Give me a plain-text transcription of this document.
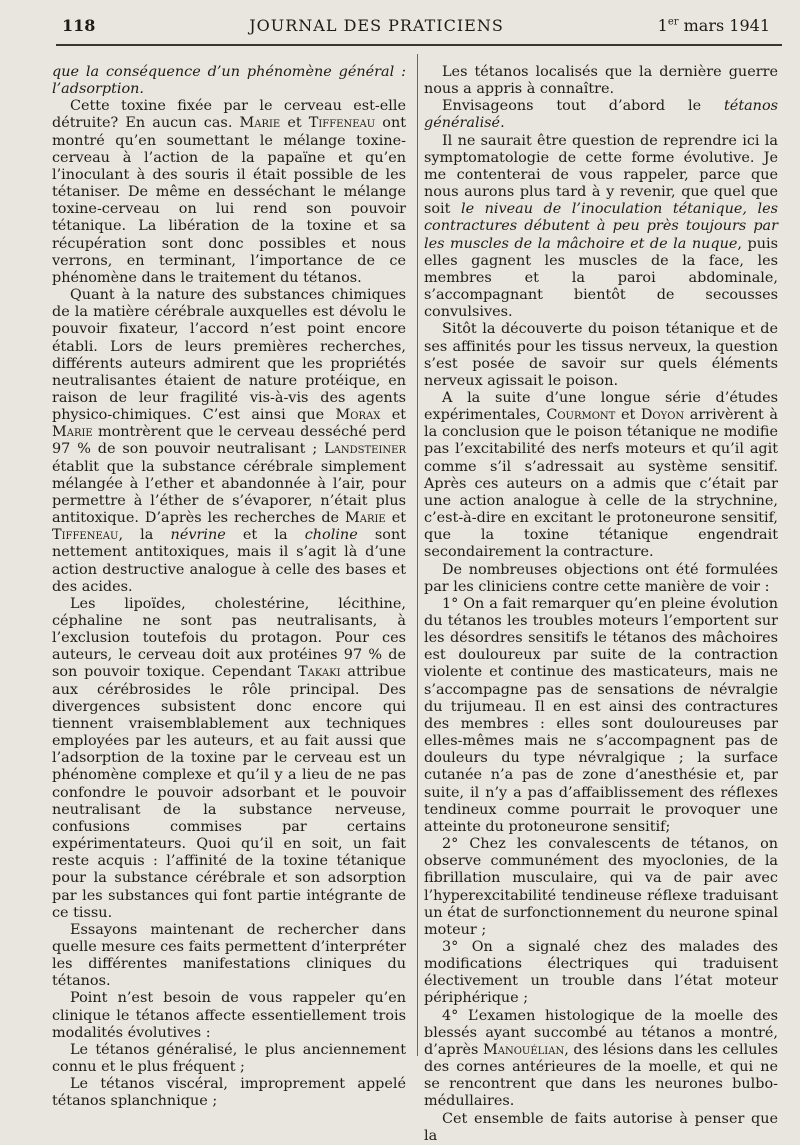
118	JOURNAL DES PRATICIENS	1er mars 1941

que la conséquence d’un phénomène général : l’adsorption.

Cette toxine fixée par le cerveau est-elle détruite? En aucun cas. Marie et Tiffeneau ont montré qu’en soumettant le mélange toxine-cerveau à l’action de la papaïne et qu’en l’inoculant à des souris il était possible de les tétaniser. De même en desséchant le mélange toxine-cerveau on lui rend son pouvoir tétanique. La libération de la toxine et sa récupération sont donc possibles et nous verrons, en terminant, l’importance de ce phénomène dans le traitement du tétanos.

Quant à la nature des substances chimiques de la matière cérébrale auxquelles est dévolu le pouvoir fixateur, l’accord n’est point encore établi. Lors de leurs premières recherches, différents auteurs admirent que les propriétés neutralisantes étaient de nature protéique, en raison de leur fragilité vis-à-vis des agents physico-chimiques. C’est ainsi que Morax et Marie montrèrent que le cerveau desséché perd 97 % de son pouvoir neutralisant ; Landsteiner établit que la substance cérébrale simplement mélangée à l’ether et abandonnée à l’air, pour permettre à l’éther de s’évaporer, n’était plus antitoxique. D’après les recherches de Marie et Tiffeneau, la névrine et la choline sont nettement antitoxiques, mais il s’agit là d’une action destructive analogue à celle des bases et des acides.

Les lipoïdes, cholestérine, lécithine, céphaline ne sont pas neutralisants, à l’exclusion toutefois du protagon. Pour ces auteurs, le cerveau doit aux protéines 97 % de son pouvoir toxique. Cependant Takaki attribue aux cérébrosides le rôle principal. Des divergences subsistent donc encore qui tiennent vraisemblablement aux techniques employées par les auteurs, et au fait aussi que l’adsorption de la toxine par le cerveau est un phénomène complexe et qu’il y a lieu de ne pas confondre le pouvoir adsorbant et le pouvoir neutralisant de la substance nerveuse, confusions commises par certains expérimentateurs. Quoi qu’il en soit, un fait reste acquis : l’affinité de la toxine tétanique pour la substance cérébrale et son adsorption par les substances qui font partie intégrante de ce tissu.

Essayons maintenant de rechercher dans quelle mesure ces faits permettent d’interpréter les différentes manifestations cliniques du tétanos.

Point n’est besoin de vous rappeler qu’en clinique le tétanos affecte essentiellement trois modalités évolutives :

Le tétanos généralisé, le plus anciennement connu et le plus fréquent ;

Le tétanos viscéral, improprement appelé tétanos splanchnique ;

Les tétanos localisés que la dernière guerre nous a appris à connaître.

Envisageons tout d’abord le tétanos généralisé.

Il ne saurait être question de reprendre ici la symptomatologie de cette forme évolutive. Je me contenterai de vous rappeler, parce que nous aurons plus tard à y revenir, que quel que soit le niveau de l’inoculation tétanique, les contractures débutent à peu près toujours par les muscles de la mâchoire et de la nuque, puis elles gagnent les muscles de la face, les membres et la paroi abdominale, s’accompagnant bientôt de secousses convulsives.

Sitôt la découverte du poison tétanique et de ses affinités pour les tissus nerveux, la question s’est posée de savoir sur quels éléments nerveux agissait le poison.

A la suite d’une longue série d’études expérimentales, Courmont et Doyon arrivèrent à la conclusion que le poison tétanique ne modifie pas l’excitabilité des nerfs moteurs et qu’il agit comme s’il s’adressait au système sensitif. Après ces auteurs on a admis que c’était par une action analogue à celle de la strychnine, c’est-à-dire en excitant le protoneurone sensitif, que la toxine tétanique engendrait secondairement la contracture.

De nombreuses objections ont été formulées par les cliniciens contre cette manière de voir :

1° On a fait remarquer qu’en pleine évolution du tétanos les troubles moteurs l’emportent sur les désordres sensitifs le tétanos des mâchoires est douloureux par suite de la contraction violente et continue des masticateurs, mais ne s’accompagne pas de sensations de névralgie du trijumeau. Il en est ainsi des contractures des membres : elles sont douloureuses par elles-mêmes mais ne s’accompagnent pas de douleurs du type névralgique ; la surface cutanée n’a pas de zone d’anesthésie et, par suite, il n’y a pas d’affaiblissement des réflexes tendineux comme pourrait le provoquer une atteinte du protoneurone sensitif;

2° Chez les convalescents de tétanos, on observe communément des myoclonies, de la fibrillation musculaire, qui va de pair avec l’hyperexcitabilité tendineuse réflexe traduisant un état de surfonctionnement du neurone spinal moteur ;

3° On a signalé chez des malades des modifications électriques qui traduisent électivement un trouble dans l’état moteur périphérique ;

4° L’examen histologique de la moelle des blessés ayant succombé au tétanos a montré, d’après Manouélian, des lésions dans les cellules des cornes antérieures de la moelle, et qui ne se rencontrent que dans les neurones bulbo-médullaires.

Cet ensemble de faits autorise à penser que la
